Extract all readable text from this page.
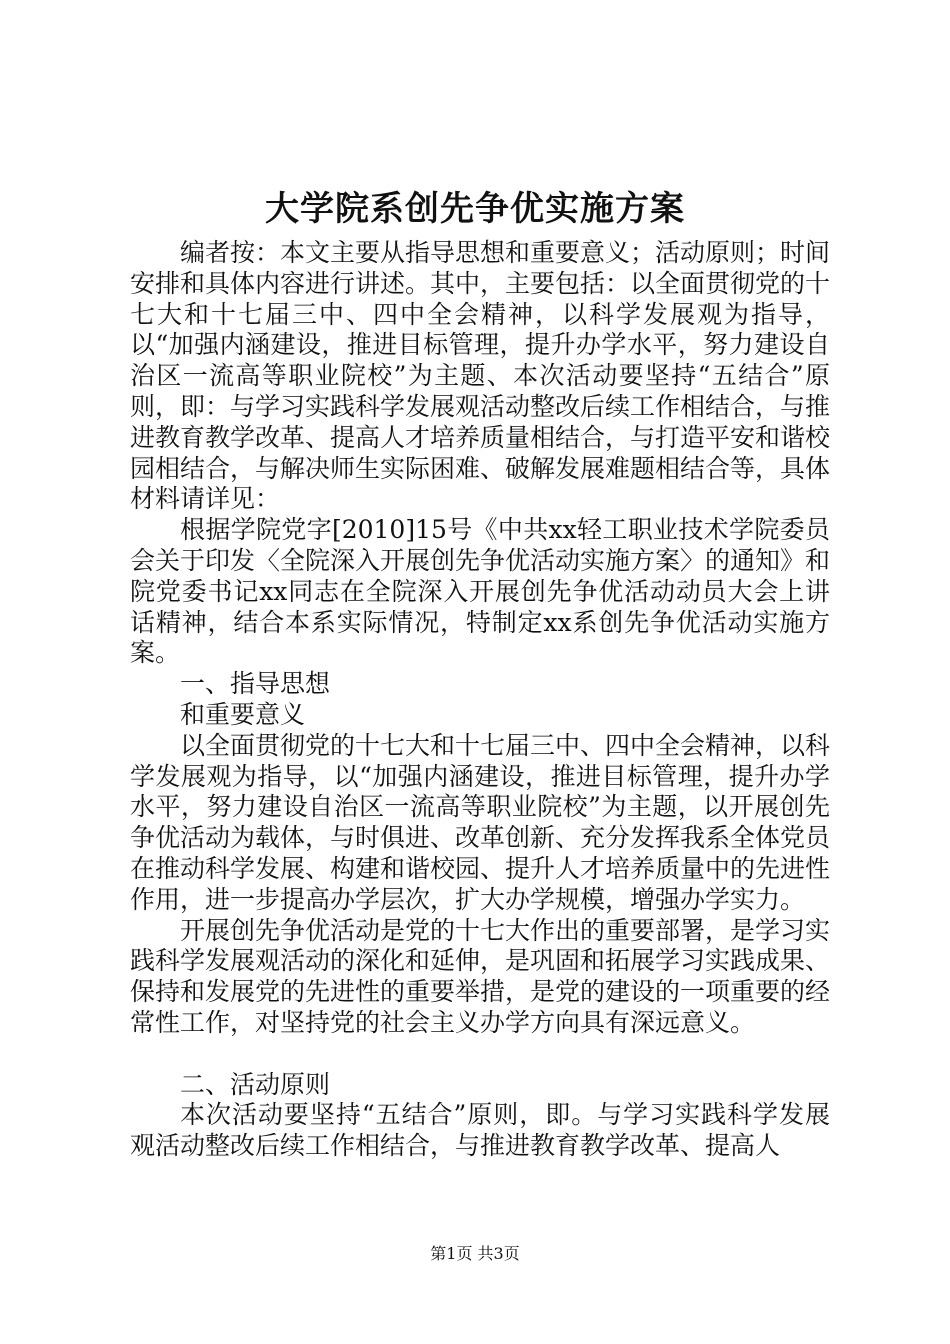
大学院系创先争优实施方案

编者按：本文主要从指导思想和重要意义；活动原则；时间安排和具体内容进行讲述。其中，主要包括：以全面贯彻党的十七大和十七届三中、四中全会精神，以科学发展观为指导，以“加强内涵建设，推进目标管理，提升办学水平，努力建设自治区一流高等职业院校”为主题、本次活动要坚持“五结合”原则，即：与学习实践科学发展观活动整改后续工作相结合，与推进教育教学改革、提高人才培养质量相结合，与打造平安和谐校园相结合，与解决师生实际困难、破解发展难题相结合等，具体材料请详见：

根据学院党字[2010]15号《中共xx轻工职业技术学院委员会关于印发〈全院深入开展创先争优活动实施方案〉的通知》和院党委书记xx同志在全院深入开展创先争优活动动员大会上讲话精神，结合本系实际情况，特制定xx系创先争优活动实施方案。

一、指导思想

和重要意义

以全面贯彻党的十七大和十七届三中、四中全会精神，以科学发展观为指导，以“加强内涵建设，推进目标管理，提升办学水平，努力建设自治区一流高等职业院校”为主题，以开展创先争优活动为载体，与时俱进、改革创新、充分发挥我系全体党员在推动科学发展、构建和谐校园、提升人才培养质量中的先进性作用，进一步提高办学层次，扩大办学规模，增强办学实力。

开展创先争优活动是党的十七大作出的重要部署，是学习实践科学发展观活动的深化和延伸，是巩固和拓展学习实践成果、保持和发展党的先进性的重要举措，是党的建设的一项重要的经常性工作，对坚持党的社会主义办学方向具有深远意义。

二、活动原则

本次活动要坚持“五结合”原则，即。与学习实践科学发展观活动整改后续工作相结合，与推进教育教学改革、提高人

第1页 共3页
